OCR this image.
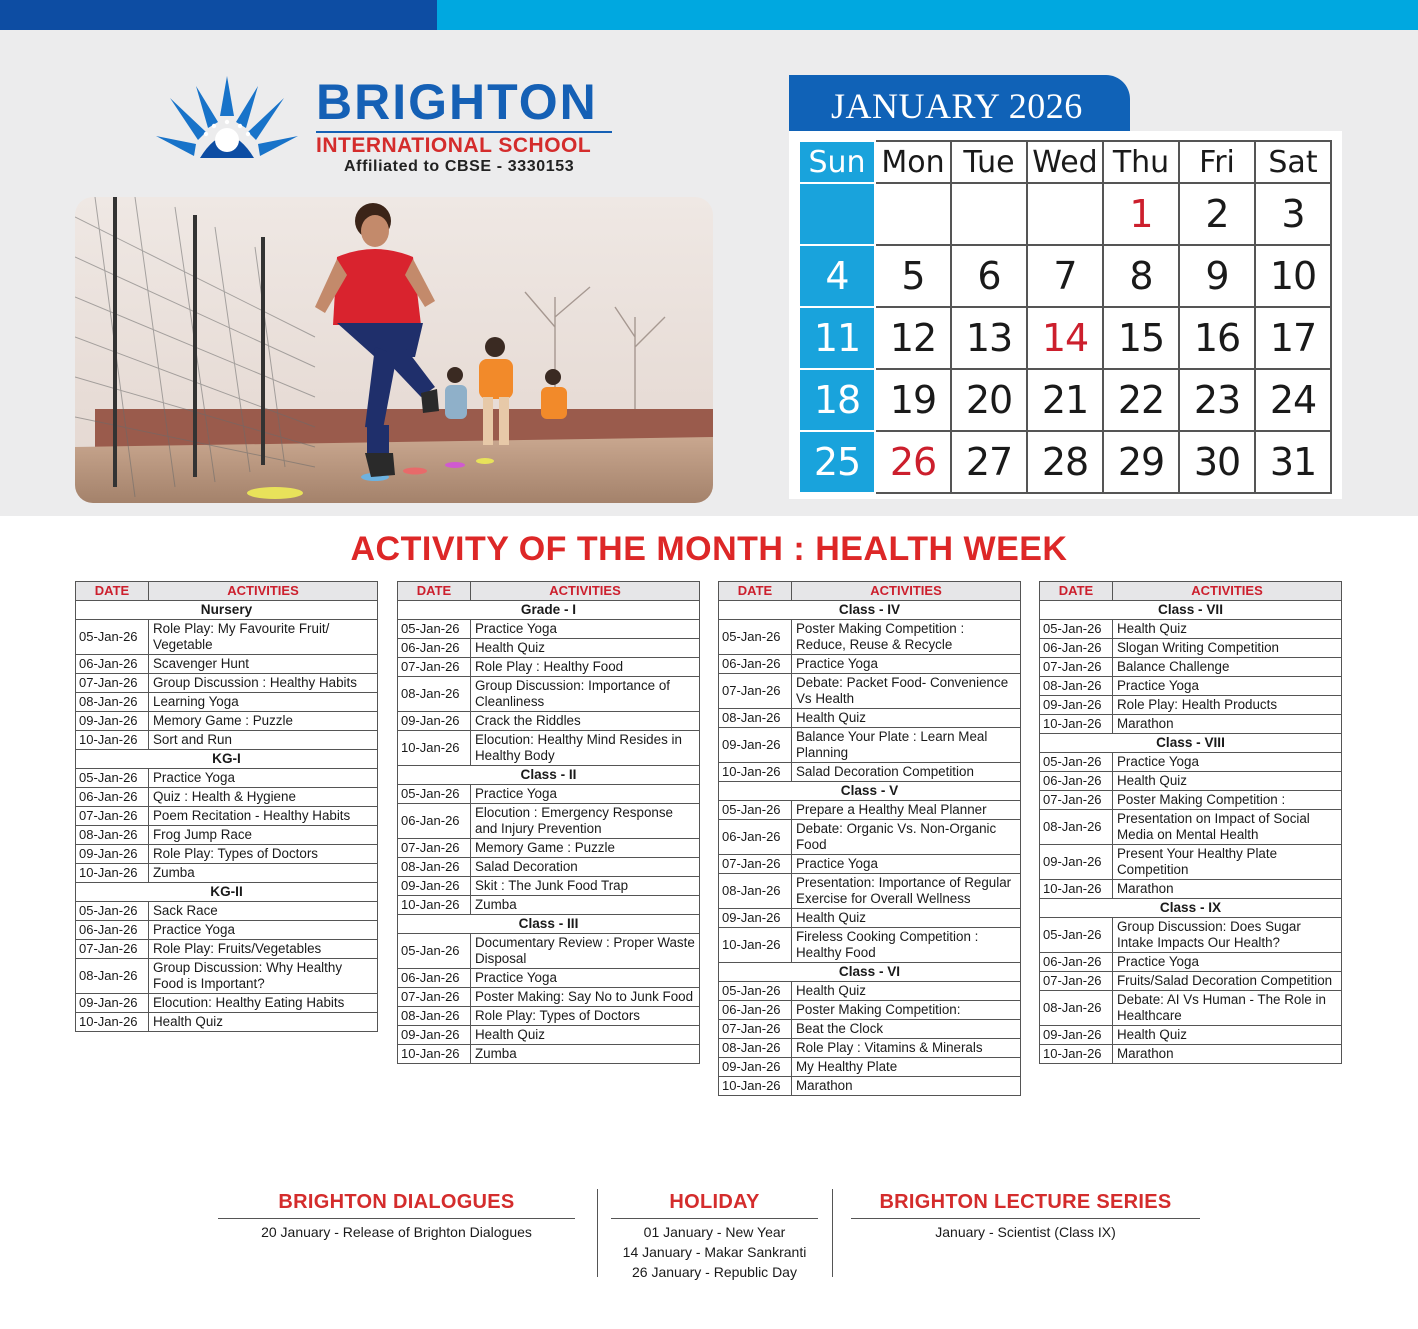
BRIGHTON
INTERNATIONAL SCHOOL
Affiliated to CBSE - 3330153
JANUARY 2026
Sun	Mon	Tue	Wed	Thu	Fri	Sat
				1	2	3
4	5	6	7	8	9	10
11	12	13	14	15	16	17
18	19	20	21	22	23	24
25	26	27	28	29	30	31
ACTIVITY OF THE MONTH : HEALTH WEEK
DATE	ACTIVITIES
Nursery	
05-Jan-26	Role Play: My Favourite Fruit/ Vegetable
06-Jan-26	Scavenger Hunt
07-Jan-26	Group Discussion : Healthy Habits
08-Jan-26	Learning Yoga
09-Jan-26	Memory Game : Puzzle
10-Jan-26	Sort and Run
KG-I	
05-Jan-26	Practice Yoga
06-Jan-26	Quiz : Health & Hygiene
07-Jan-26	Poem Recitation - Healthy Habits
08-Jan-26	Frog Jump Race
09-Jan-26	Role Play: Types of Doctors
10-Jan-26	Zumba
KG-II	
05-Jan-26	Sack Race
06-Jan-26	Practice Yoga
07-Jan-26	Role Play: Fruits/Vegetables
08-Jan-26	Group Discussion: Why Healthy Food is Important?
09-Jan-26	Elocution: Healthy Eating Habits
10-Jan-26	Health Quiz
DATE	ACTIVITIES
Grade - I	
05-Jan-26	Practice Yoga
06-Jan-26	Health Quiz
07-Jan-26	Role Play : Healthy Food
08-Jan-26	Group Discussion: Importance of Cleanliness
09-Jan-26	Crack the Riddles
10-Jan-26	Elocution: Healthy Mind Resides in Healthy Body
Class - II	
05-Jan-26	Practice Yoga
06-Jan-26	Elocution : Emergency Response and Injury Prevention
07-Jan-26	Memory Game : Puzzle
08-Jan-26	Salad Decoration
09-Jan-26	Skit : The Junk Food Trap
10-Jan-26	Zumba
Class - III	
05-Jan-26	Documentary Review : Proper Waste Disposal
06-Jan-26	Practice Yoga
07-Jan-26	Poster Making: Say No to Junk Food
08-Jan-26	Role Play: Types of Doctors
09-Jan-26	Health Quiz
10-Jan-26	Zumba
DATE	ACTIVITIES
Class - IV	
05-Jan-26	Poster Making Competition : Reduce, Reuse & Recycle
06-Jan-26	Practice Yoga
07-Jan-26	Debate: Packet Food- Convenience Vs Health
08-Jan-26	Health Quiz
09-Jan-26	Balance Your Plate : Learn Meal Planning
10-Jan-26	Salad Decoration Competition
Class - V	
05-Jan-26	Prepare a Healthy Meal Planner
06-Jan-26	Debate: Organic Vs. Non-Organic Food
07-Jan-26	Practice Yoga
08-Jan-26	Presentation: Importance of Regular Exercise for Overall Wellness
09-Jan-26	Health Quiz
10-Jan-26	Fireless Cooking Competition : Healthy Food
Class - VI	
05-Jan-26	Health Quiz
06-Jan-26	Poster Making Competition:
07-Jan-26	Beat the Clock
08-Jan-26	Role Play : Vitamins & Minerals
09-Jan-26	My Healthy Plate
10-Jan-26	Marathon
DATE	ACTIVITIES
Class - VII	
05-Jan-26	Health Quiz
06-Jan-26	Slogan Writing Competition
07-Jan-26	Balance Challenge
08-Jan-26	Practice Yoga
09-Jan-26	Role Play: Health Products
10-Jan-26	Marathon
Class - VIII	
05-Jan-26	Practice Yoga
06-Jan-26	Health Quiz
07-Jan-26	Poster Making Competition :
08-Jan-26	Presentation on Impact of Social Media on Mental Health
09-Jan-26	Present Your Healthy Plate Competition
10-Jan-26	Marathon
Class - IX	
05-Jan-26	Group Discussion: Does Sugar Intake Impacts Our Health?
06-Jan-26	Practice Yoga
07-Jan-26	Fruits/Salad Decoration Competition
08-Jan-26	Debate: AI Vs Human - The Role in Healthcare
09-Jan-26	Health Quiz
10-Jan-26	Marathon
BRIGHTON DIALOGUES
20 January - Release of Brighton Dialogues
HOLIDAY
01 January - New Year
14 January - Makar Sankranti
26 January - Republic Day
BRIGHTON LECTURE SERIES
January - Scientist (Class IX)
